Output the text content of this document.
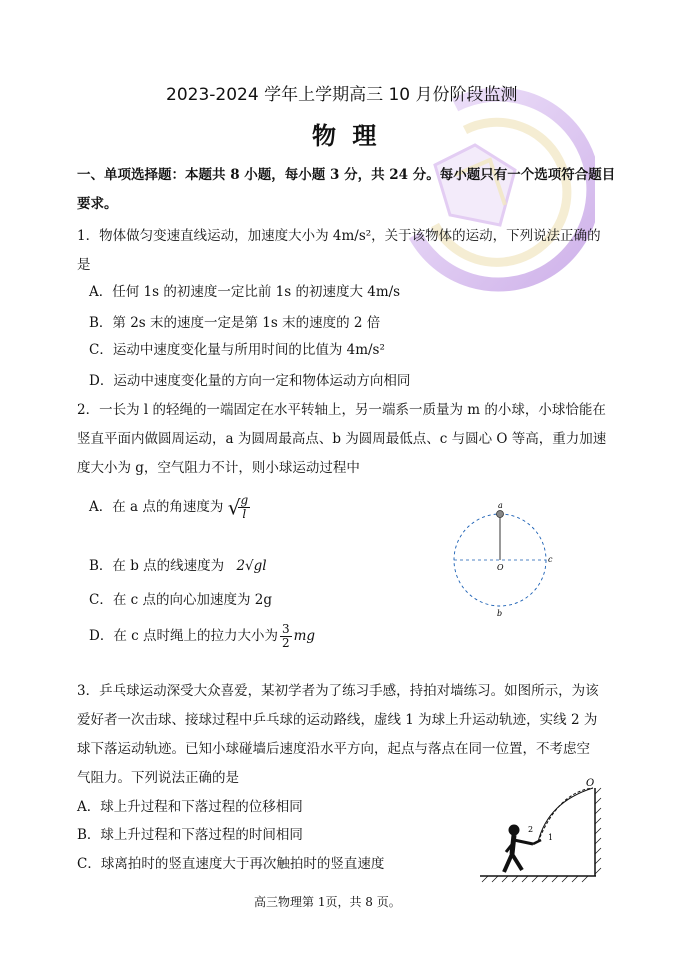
2023-2024 学年上学期高三 10 月份阶段监测
物 理
一、单项选择题：本题共 8 小题，每小题 3 分，共 24 分。每小题只有一个选项符合题目
要求。
1．物体做匀变速直线运动，加速度大小为 4m/s²，关于该物体的运动，下列说法正确的
是
A．任何 1s 的初速度一定比前 1s 的初速度大 4m/s
B．第 2s 末的速度一定是第 1s 末的速度的 2 倍
C．运动中速度变化量与所用时间的比值为 4m/s²
D．运动中速度变化量的方向一定和物体运动方向相同
2．一长为 l 的轻绳的一端固定在水平转轴上，另一端系一质量为 m 的小球，小球恰能在
竖直平面内做圆周运动，a 为圆周最高点、b 为圆周最低点、c 与圆心 O 等高，重力加速
度大小为 g，空气阻力不计，则小球运动过程中
A．在 a 点的角速度为 √
$\frac{g}{l}$
B．在 b 点的线速度为 2√gl
C．在 c 点的向心加速度为 2g
D．在 c 点时绳上的拉力大小为 $\frac{3}{2}$ mg
a
O
c
b
3．乒乓球运动深受大众喜爱，某初学者为了练习手感，持拍对墙练习。如图所示，为该
爱好者一次击球、接球过程中乒乓球的运动路线，虚线 1 为球上升运动轨迹，实线 2 为
球下落运动轨迹。已知小球碰墙后速度沿水平方向，起点与落点在同一位置，不考虑空
气阻力。下列说法正确的是
A．球上升过程和下落过程的位移相同
B．球上升过程和下落过程的时间相同
C．球离拍时的竖直速度大于再次触拍时的竖直速度
O
1
2
高三物理第 1页，共 8 页。
